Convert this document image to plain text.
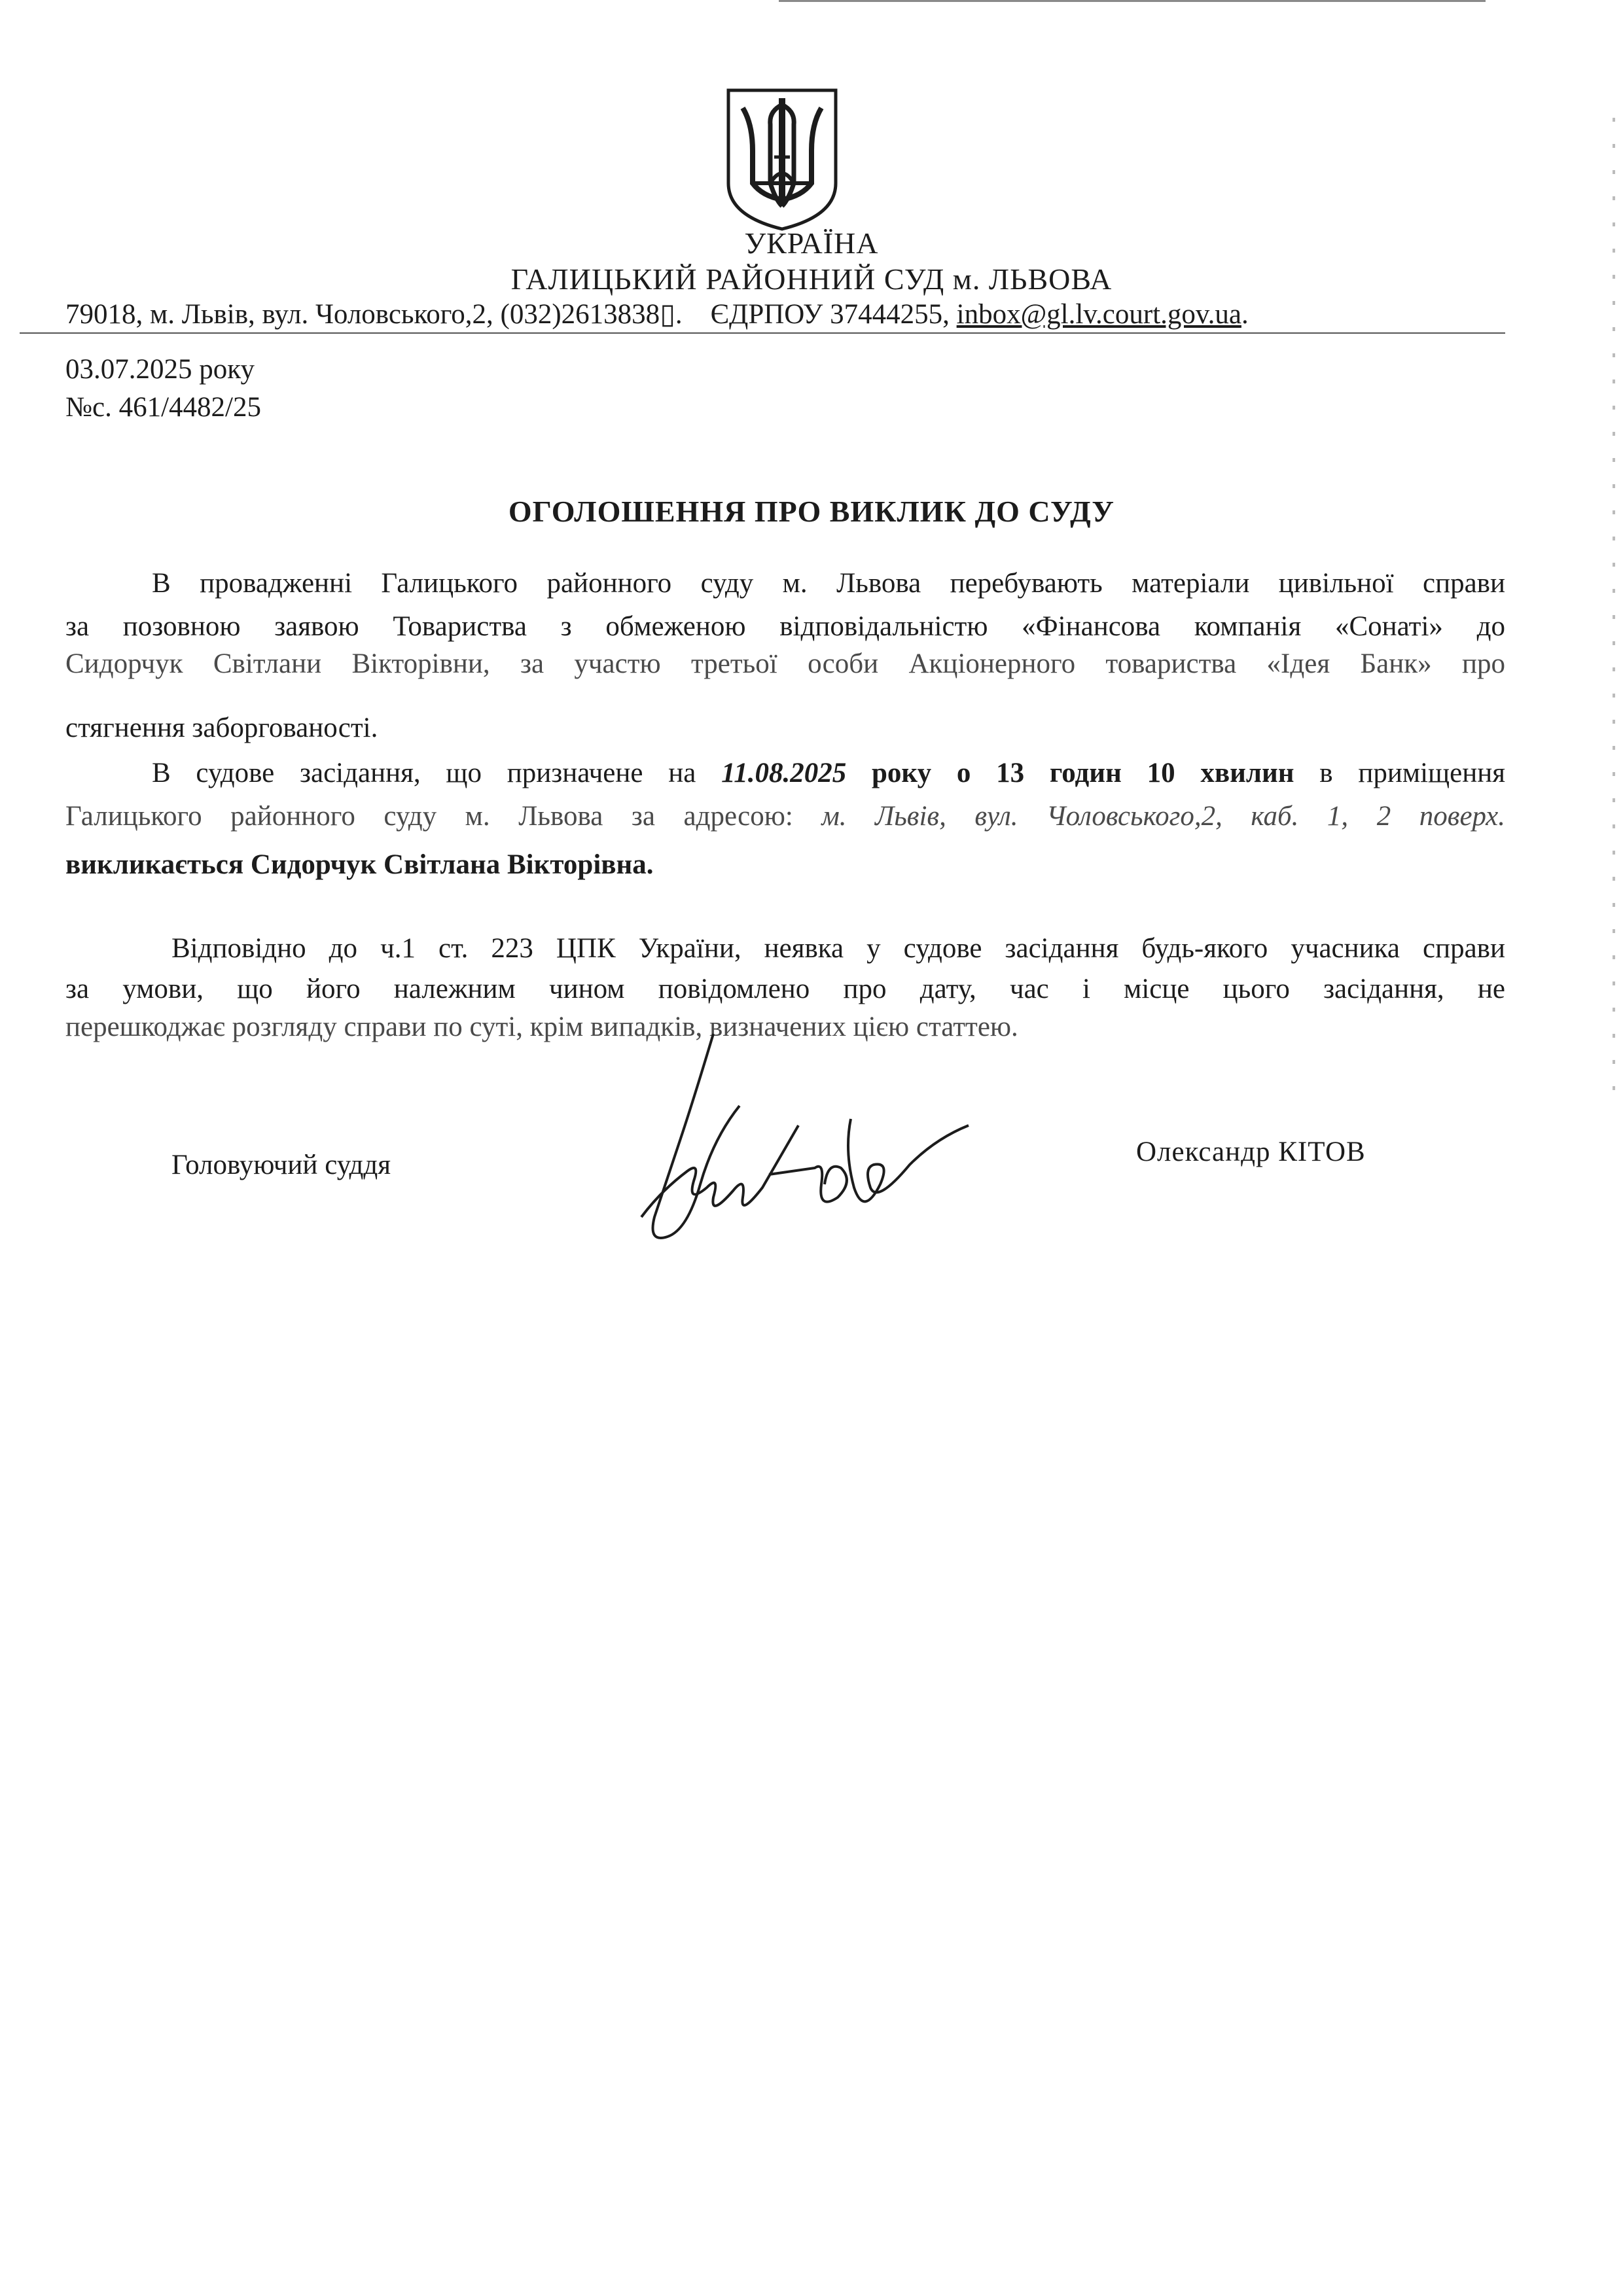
УКРАЇНА
ГАЛИЦЬКИЙ РАЙОННИЙ СУД м. ЛЬВОВА
79018, м. Львів, вул. Чоловського,2, (032)2613838▯. ЄДРПОУ 37444255, inbox@gl.lv.court.gov.ua.
03.07.2025 року
№с. 461/4482/25
ОГОЛОШЕННЯ ПРО ВИКЛИК ДО СУДУ
В провадженні Галицького районного суду м. Львова перебувають матеріали цивільної справи
за позовною заявою Товариства з обмеженою відповідальністю «Фінансова компанія «Сонаті» до
Сидорчук Світлани Вікторівни, за участю третьої особи Акціонерного товариства «Ідея Банк» про
стягнення заборгованості.
В судове засідання, що призначене на 11.08.2025 року о 13 годин 10 хвилин в приміщення
Галицького районного суду м. Львова за адресою: м. Львів, вул. Чоловського,2, каб. 1, 2 поверх.
викликається Сидорчук Світлана Вікторівна.
Відповідно до ч.1 ст. 223 ЦПК України, неявка у судове засідання будь-якого учасника справи
за умови, що його належним чином повідомлено про дату, час і місце цього засідання, не
перешкоджає розгляду справи по суті, крім випадків, визначених цією статтею.
Головуючий суддя	Олександр КІТОВ
